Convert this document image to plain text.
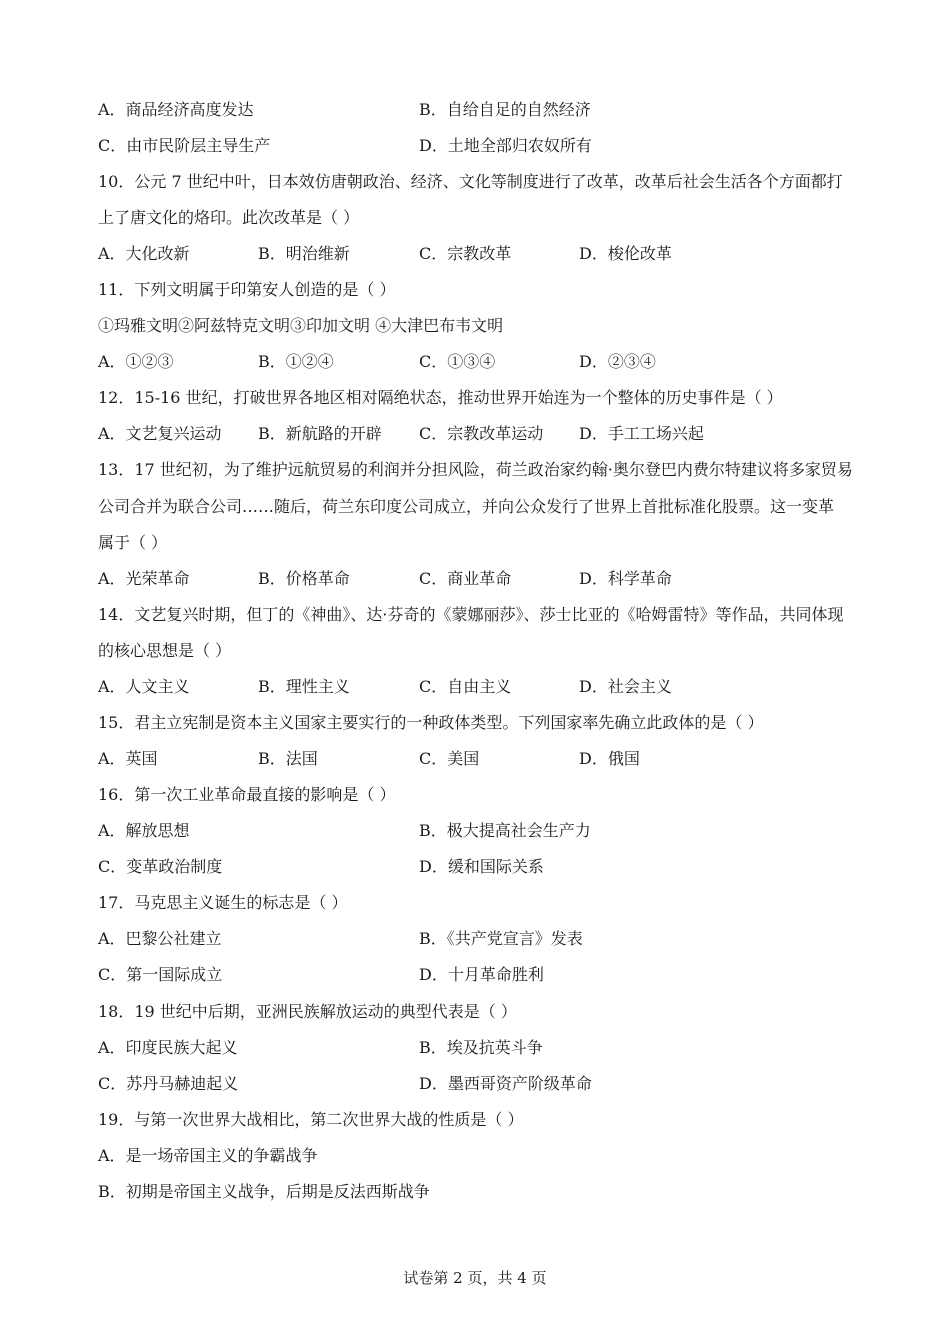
A．商品经济高度发达	B．自给自足的自然经济
C．由市民阶层主导生产	D．土地全部归农奴所有
10．公元 7 世纪中叶，日本效仿唐朝政治、经济、文化等制度进行了改革，改革后社会生活各个方面都打
上了唐文化的烙印。此次改革是（ ）
A．大化改新	B．明治维新	C．宗教改革	D．梭伦改革
11．下列文明属于印第安人创造的是（ ）
①玛雅文明②阿兹特克文明③印加文明 ④大津巴布韦文明
A．①②③	B．①②④	C．①③④	D．②③④
12．15-16 世纪，打破世界各地区相对隔绝状态，推动世界开始连为一个整体的历史事件是（ ）
A．文艺复兴运动 B．新航路的开辟 C．宗教改革运动 D．手工工场兴起
13．17 世纪初，为了维护远航贸易的利润并分担风险，荷兰政治家约翰·奥尔登巴内费尔特建议将多家贸易
公司合并为联合公司……随后，荷兰东印度公司成立，并向公众发行了世界上首批标准化股票。这一变革
属于（ ）
A．光荣革命	B．价格革命	C．商业革命	D．科学革命
14．文艺复兴时期，但丁的《神曲》、达·芬奇的《蒙娜丽莎》、莎士比亚的《哈姆雷特》等作品，共同体现
的核心思想是（ ）
A．人文主义	B．理性主义	C．自由主义	D．社会主义
15．君主立宪制是资本主义国家主要实行的一种政体类型。下列国家率先确立此政体的是（ ）
A．英国	B．法国	C．美国	D．俄国
16．第一次工业革命最直接的影响是（ ）
A．解放思想	B．极大提高社会生产力
C．变革政治制度	D．缓和国际关系
17．马克思主义诞生的标志是（ ）
A．巴黎公社建立	B．《共产党宣言》发表
C．第一国际成立	D．十月革命胜利
18．19 世纪中后期，亚洲民族解放运动的典型代表是（ ）
A．印度民族大起义	B．埃及抗英斗争
C．苏丹马赫迪起义	D．墨西哥资产阶级革命
19．与第一次世界大战相比，第二次世界大战的性质是（ ）
A．是一场帝国主义的争霸战争
B．初期是帝国主义战争，后期是反法西斯战争
试卷第 2 页，共 4 页
